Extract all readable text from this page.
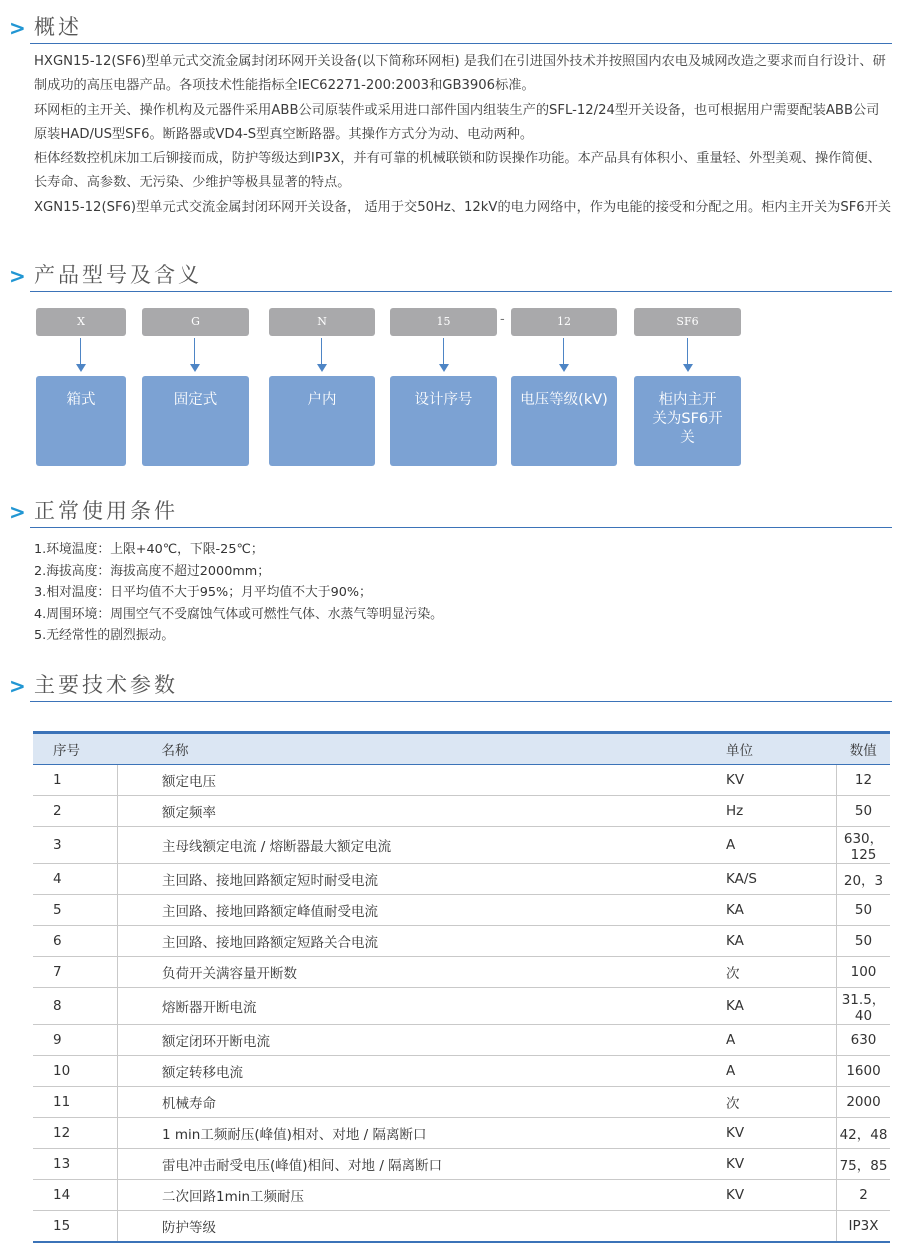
> 概述

HXGN15-12(SF6)型单元式交流金属封闭环网开关设备(以下简称环网柜) 是我们在引进国外技术并按照国内农电及城网改造之要求而自行设计、研制成功的高压电器产品。各项技术性能指标全IEC62271-200:2003和GB3906标准。

环网柜的主开关、操作机构及元器件采用ABB公司原装件或采用进口部件国内组装生产的SFL-12/24型开关设备，也可根据用户需要配装ABB公司原装HAD/US型SF6。断路器或VD4-S型真空断路器。其操作方式分为动、电动两种。

柜体经数控机床加工后铆接而成，防护等级达到IP3X，并有可靠的机械联锁和防误操作功能。本产品具有体积小、重量轻、外型美观、操作简便、长寿命、高参数、无污染、少维护等极具显著的特点。

XGN15-12(SF6)型单元式交流金属封闭环网开关设备， 适用于交50Hz、12kV的电力网络中，作为电能的接受和分配之用。柜内主开关为SF6开关

> 产品型号及含义
X	G	N	15	-	12	SF6
箱式	固定式	户内	设计序号	电压等级(kV)	柜内主开关为SF6开关
> 正常使用条件
1.环境温度：上限+40℃，下限-25℃；
2.海拔高度：海拔高度不超过2000mm；
3.相对温度：日平均值不大于95%；月平均值不大于90%；
4.周围环境：周围空气不受腐蚀气体或可燃性气体、水蒸气等明显污染。
5.无经常性的剧烈振动。
> 主要技术参数
序号	名称	单位	数值
1	额定电压	KV	12
2	额定频率	Hz	50
3	主母线额定电流 / 熔断器最大额定电流	A	630，125
4	主回路、接地回路额定短时耐受电流	KA/S	20，3
5	主回路、接地回路额定峰值耐受电流	KA	50
6	主回路、接地回路额定短路关合电流	KA	50
7	负荷开关满容量开断数	次	100
8	熔断器开断电流	KA	31.5，40
9	额定闭环开断电流	A	630
10	额定转移电流	A	1600
11	机械寿命	次	2000
12	1 min工频耐压(峰值)相对、对地 / 隔离断口	KV	42，48
13	雷电冲击耐受电压(峰值)相间、对地 / 隔离断口	KV	75，85
14	二次回路1min工频耐压	KV	2
15	防护等级		IP3X
